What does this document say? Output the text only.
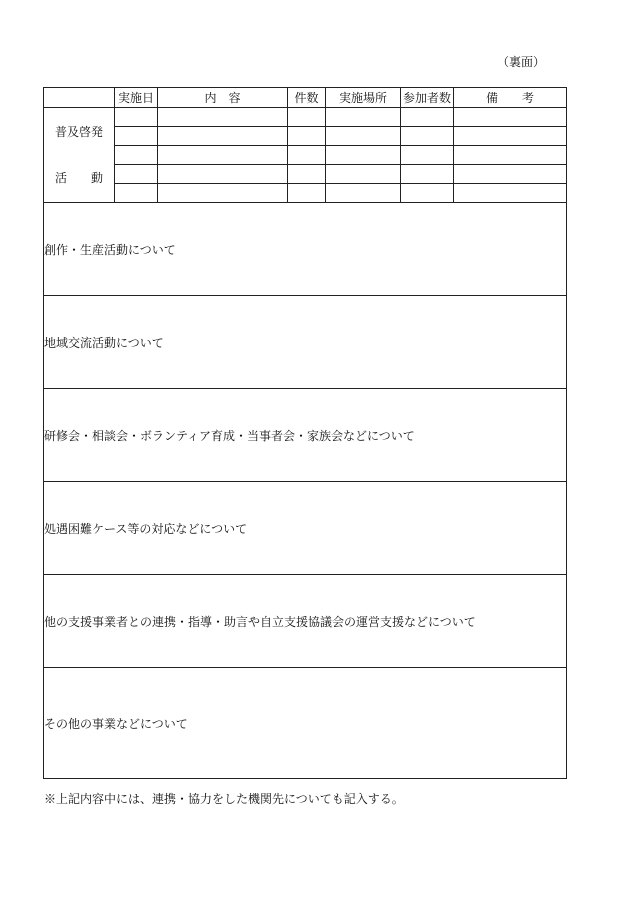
（裏面）
	実施日	内　容	件数	実施場所	参加者数	備　　考

普及啓発
活　　動						

創作・生産活動について						
地域交流活動について						
研修会・相談会・ボランティア育成・当事者会・家族会などについて						
処遇困難ケース等の対応などについて						
他の支援事業者との連携・指導・助言や自立支援協議会の運営支援などについて						
その他の事業などについて						
※上記内容中には、連携・協力をした機関先についても記入する。
